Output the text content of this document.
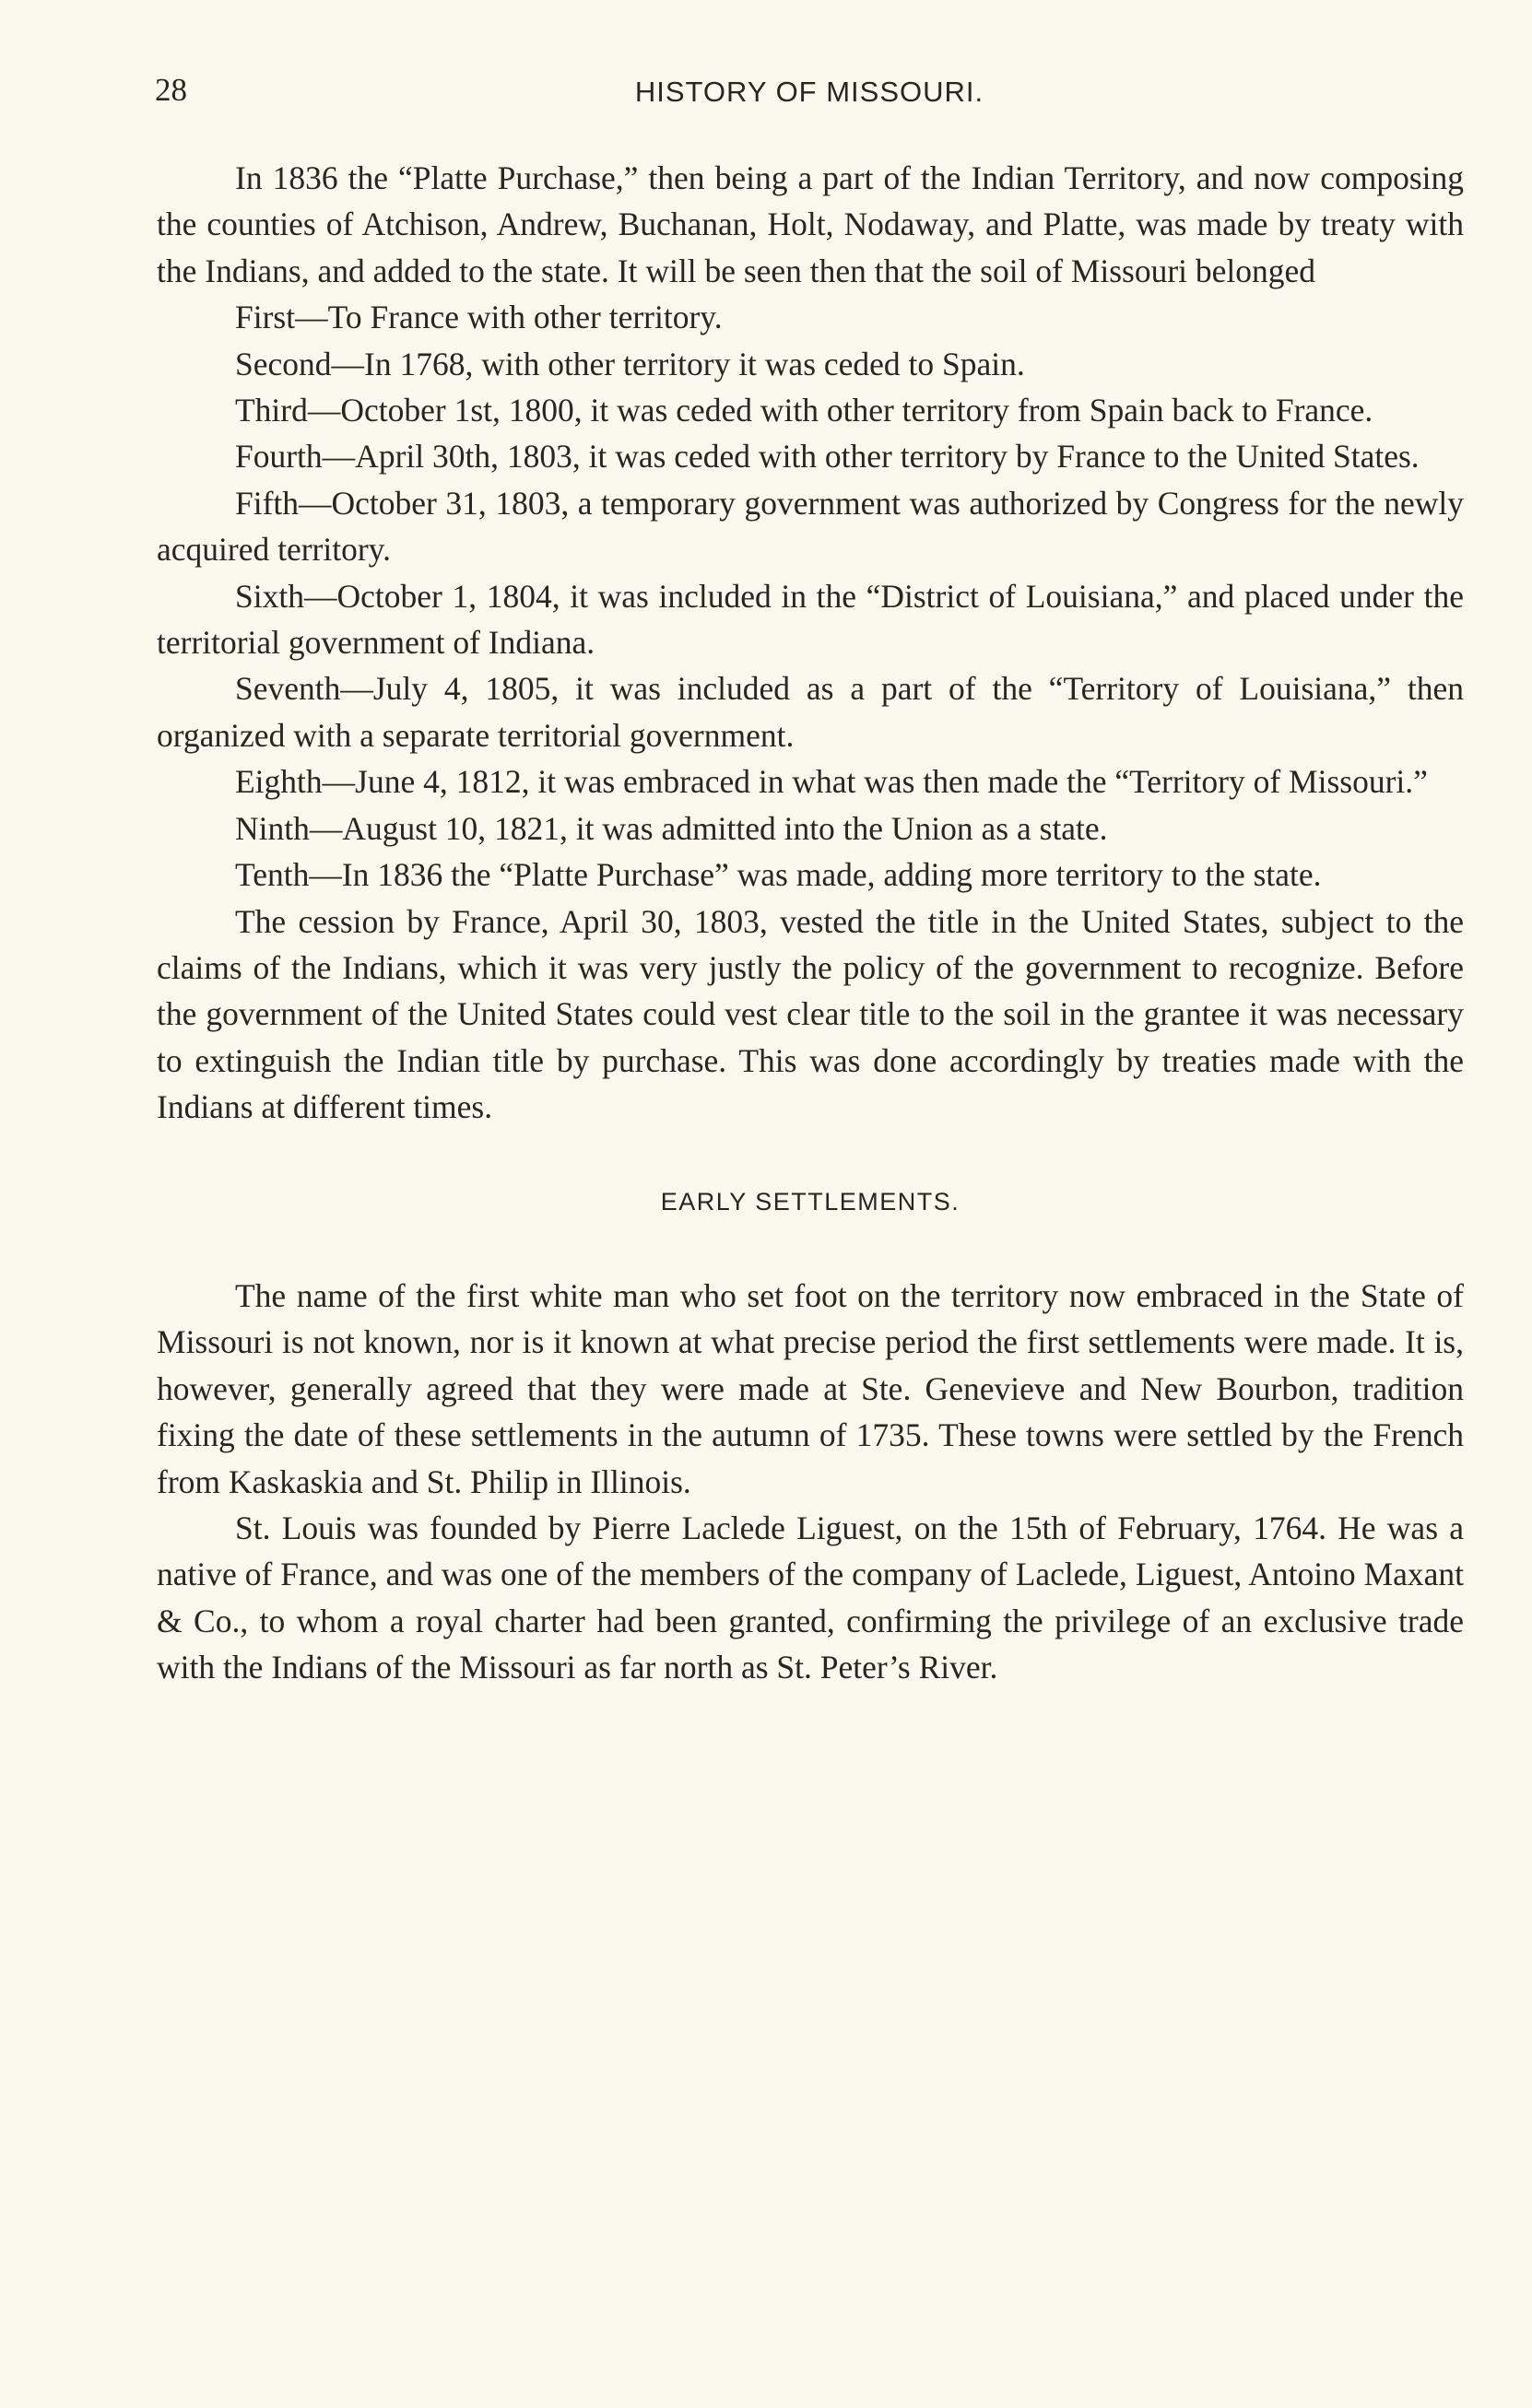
28	HISTORY OF MISSOURI.

In 1836 the “Platte Purchase,” then being a part of the Indian Territory, and now composing the counties of Atchison, Andrew, Buchanan, Holt, Nodaway, and Platte, was made by treaty with the Indians, and added to the state. It will be seen then that the soil of Missouri belonged

First—To France with other territory.

Second—In 1768, with other territory it was ceded to Spain.

Third—October 1st, 1800, it was ceded with other territory from Spain back to France.

Fourth—April 30th, 1803, it was ceded with other territory by France to the United States.

Fifth—October 31, 1803, a temporary government was authorized by Congress for the newly acquired territory.

Sixth—October 1, 1804, it was included in the “District of Louisiana,” and placed under the territorial government of Indiana.

Seventh—July 4, 1805, it was included as a part of the “Territory of Louisiana,” then organized with a separate territorial government.

Eighth—June 4, 1812, it was embraced in what was then made the “Territory of Missouri.”

Ninth—August 10, 1821, it was admitted into the Union as a state.

Tenth—In 1836 the “Platte Purchase” was made, adding more territory to the state.

The cession by France, April 30, 1803, vested the title in the United States, subject to the claims of the Indians, which it was very justly the policy of the government to recognize. Before the government of the United States could vest clear title to the soil in the grantee it was necessary to extinguish the Indian title by purchase. This was done accordingly by treaties made with the Indians at different times.

EARLY SETTLEMENTS.

The name of the first white man who set foot on the territory now embraced in the State of Missouri is not known, nor is it known at what precise period the first settlements were made. It is, however, generally agreed that they were made at Ste. Genevieve and New Bourbon, tradition fixing the date of these settlements in the autumn of 1735. These towns were settled by the French from Kaskaskia and St. Philip in Illinois.

St. Louis was founded by Pierre Laclede Liguest, on the 15th of February, 1764. He was a native of France, and was one of the members of the company of Laclede, Liguest, Antoino Maxant & Co., to whom a royal charter had been granted, confirming the privilege of an exclusive trade with the Indians of the Missouri as far north as St. Peter’s River.
